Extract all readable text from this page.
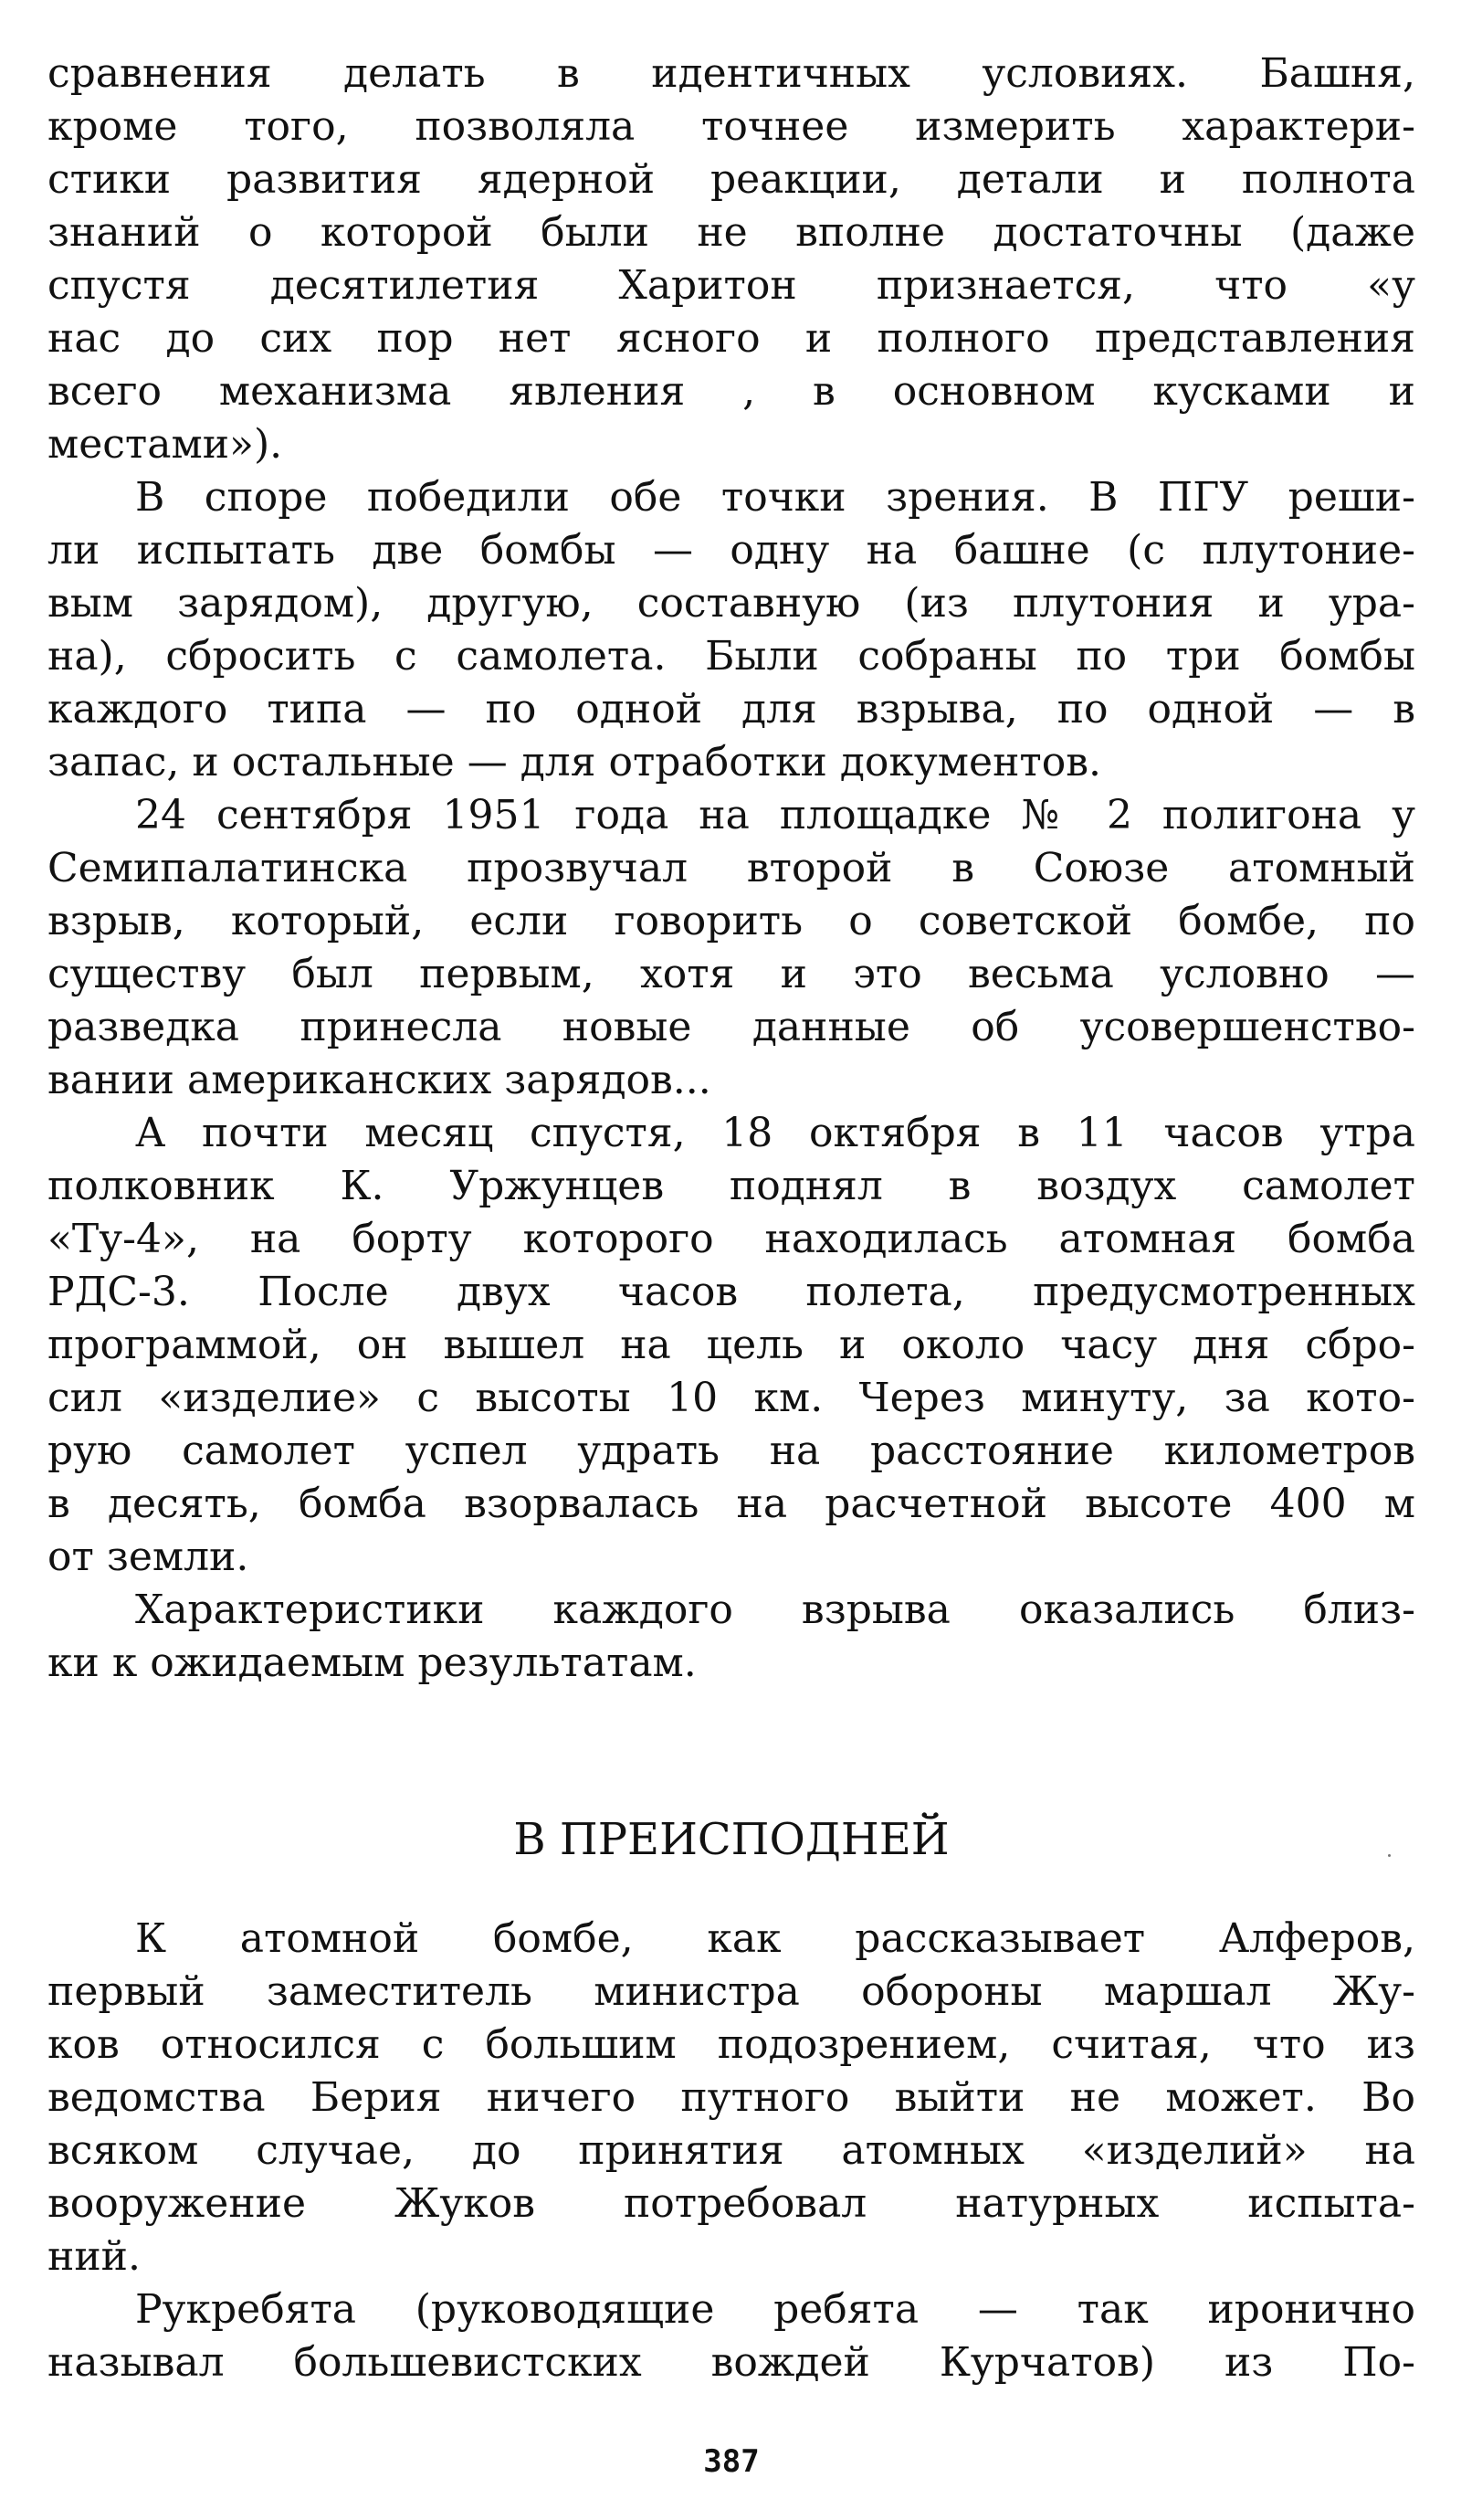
сравнения делать в идентичных условиях. Башня,
кроме того, позволяла точнее измерить характери-
стики развития ядерной реакции, детали и полнота
знаний о которой были не вполне достаточны (даже
спустя десятилетия Харитон признается, что «у
нас до сих пор нет ясного и полного представления
всего механизма явления , в основном кусками и
местами»).
В споре победили обе точки зрения. В ПГУ реши-
ли испытать две бомбы — одну на башне (с плутоние-
вым зарядом), другую, составную (из плутония и ура-
на), сбросить с самолета. Были собраны по три бомбы
каждого типа — по одной для взрыва, по одной — в
запас, и остальные — для отработки документов.
24 сентября 1951 года на площадке № 2 полигона у
Семипалатинска прозвучал второй в Союзе атомный
взрыв, который, если говорить о советской бомбе, по
существу был первым, хотя и это весьма условно —
разведка принесла новые данные об усовершенство-
вании американских зарядов...
А почти месяц спустя, 18 октября в 11 часов утра
полковник К. Уржунцев поднял в воздух самолет
«Ту-4», на борту которого находилась атомная бомба
РДС-3. После двух часов полета, предусмотренных
программой, он вышел на цель и около часу дня сбро-
сил «изделие» с высоты 10 км. Через минуту, за кото-
рую самолет успел удрать на расстояние километров
в десять, бомба взорвалась на расчетной высоте 400 м
от земли.
Характеристики каждого взрыва оказались близ-
ки к ожидаемым результатам.
В ПРЕИСПОДНЕЙ
К атомной бомбе, как рассказывает Алферов,
первый заместитель министра обороны маршал Жу-
ков относился с большим подозрением, считая, что из
ведомства Берия ничего путного выйти не может. Во
всяком случае, до принятия атомных «изделий» на
вооружение Жуков потребовал натурных испыта-
ний.
Рукребята (руководящие ребята — так иронично
называл большевистских вождей Курчатов) из По-
387
